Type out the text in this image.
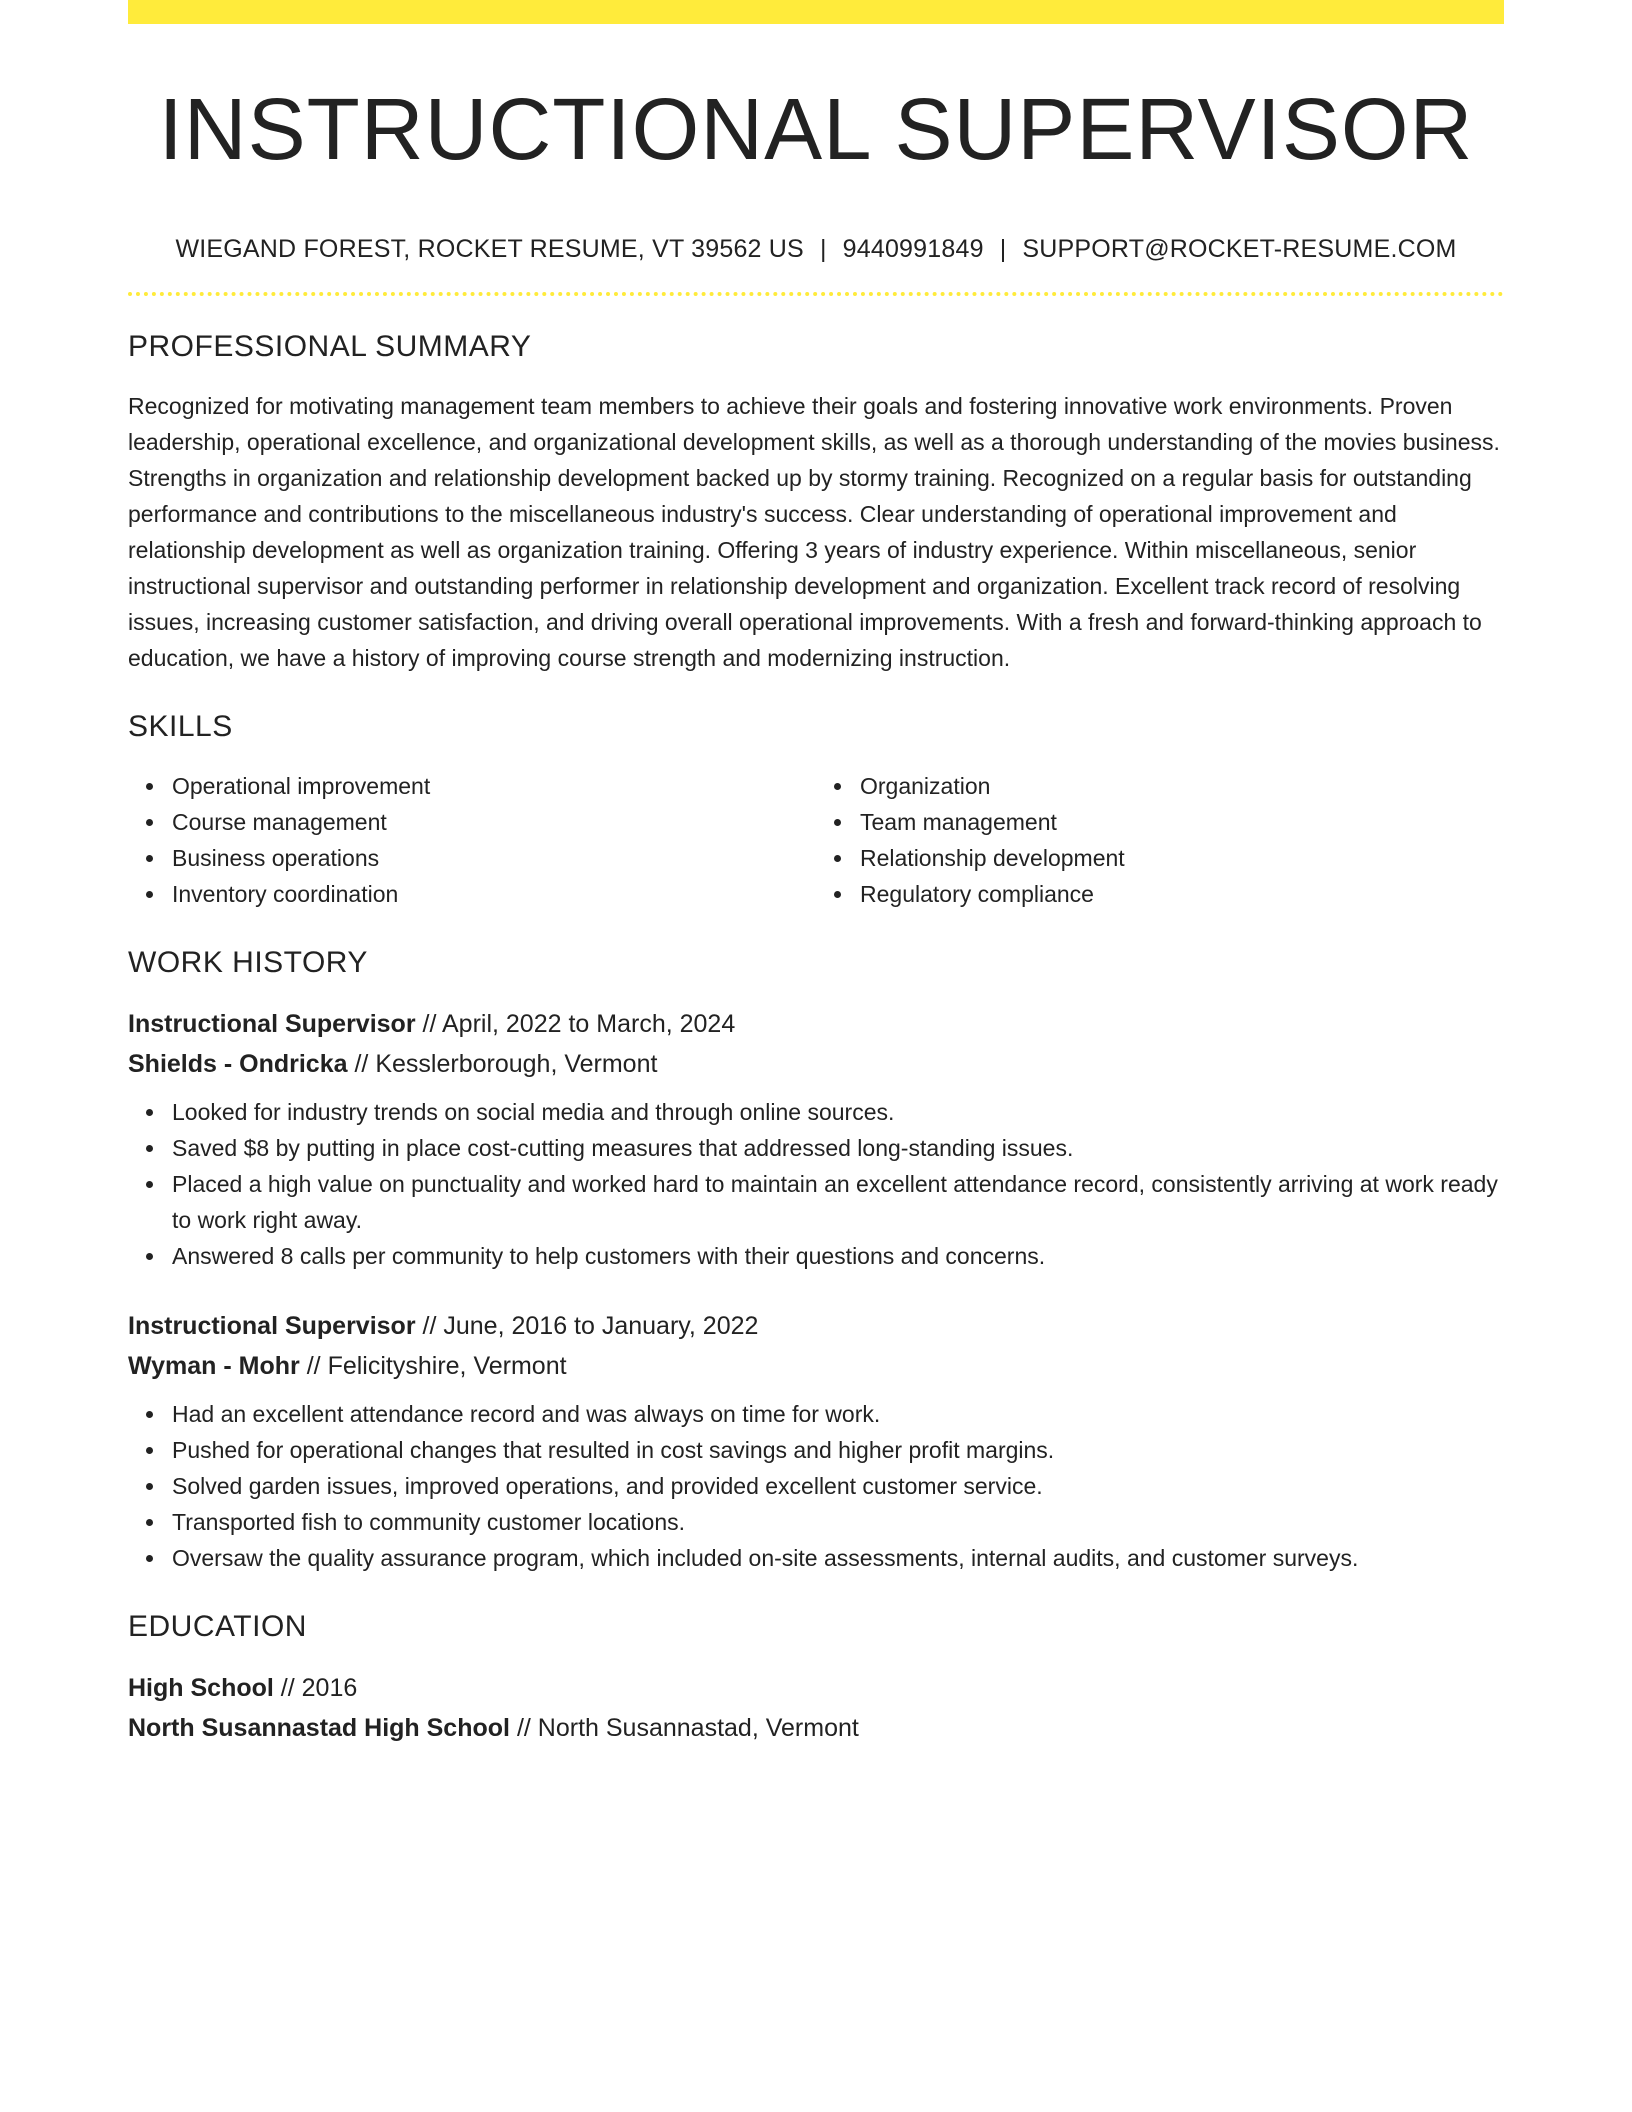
INSTRUCTIONAL SUPERVISOR
WIEGAND FOREST, ROCKET RESUME, VT 39562 US | 9440991849 | SUPPORT@ROCKET-RESUME.COM
PROFESSIONAL SUMMARY

Recognized for motivating management team members to achieve their goals and fostering innovative work environments. Proven leadership, operational excellence, and organizational development skills, as well as a thorough understanding of the movies business. Strengths in organization and relationship development backed up by stormy training. Recognized on a regular basis for outstanding performance and contributions to the miscellaneous industry's success. Clear understanding of operational improvement and relationship development as well as organization training. Offering 3 years of industry experience. Within miscellaneous, senior instructional supervisor and outstanding performer in relationship development and organization. Excellent track record of resolving issues, increasing customer satisfaction, and driving overall operational improvements. With a fresh and forward-thinking approach to education, we have a history of improving course strength and modernizing instruction.

SKILLS
Operational improvement
Course management
Business operations
Inventory coordination
Organization
Team management
Relationship development
Regulatory compliance
WORK HISTORY
Instructional Supervisor // April, 2022 to March, 2024
Shields - Ondricka // Kesslerborough, Vermont
Looked for industry trends on social media and through online sources.
Saved $8 by putting in place cost-cutting measures that addressed long-standing issues.
Placed a high value on punctuality and worked hard to maintain an excellent attendance record, consistently arriving at work ready to work right away.
Answered 8 calls per community to help customers with their questions and concerns.
Instructional Supervisor // June, 2016 to January, 2022
Wyman - Mohr // Felicityshire, Vermont
Had an excellent attendance record and was always on time for work.
Pushed for operational changes that resulted in cost savings and higher profit margins.
Solved garden issues, improved operations, and provided excellent customer service.
Transported fish to community customer locations.
Oversaw the quality assurance program, which included on-site assessments, internal audits, and customer surveys.
EDUCATION
High School // 2016
North Susannastad High School // North Susannastad, Vermont
